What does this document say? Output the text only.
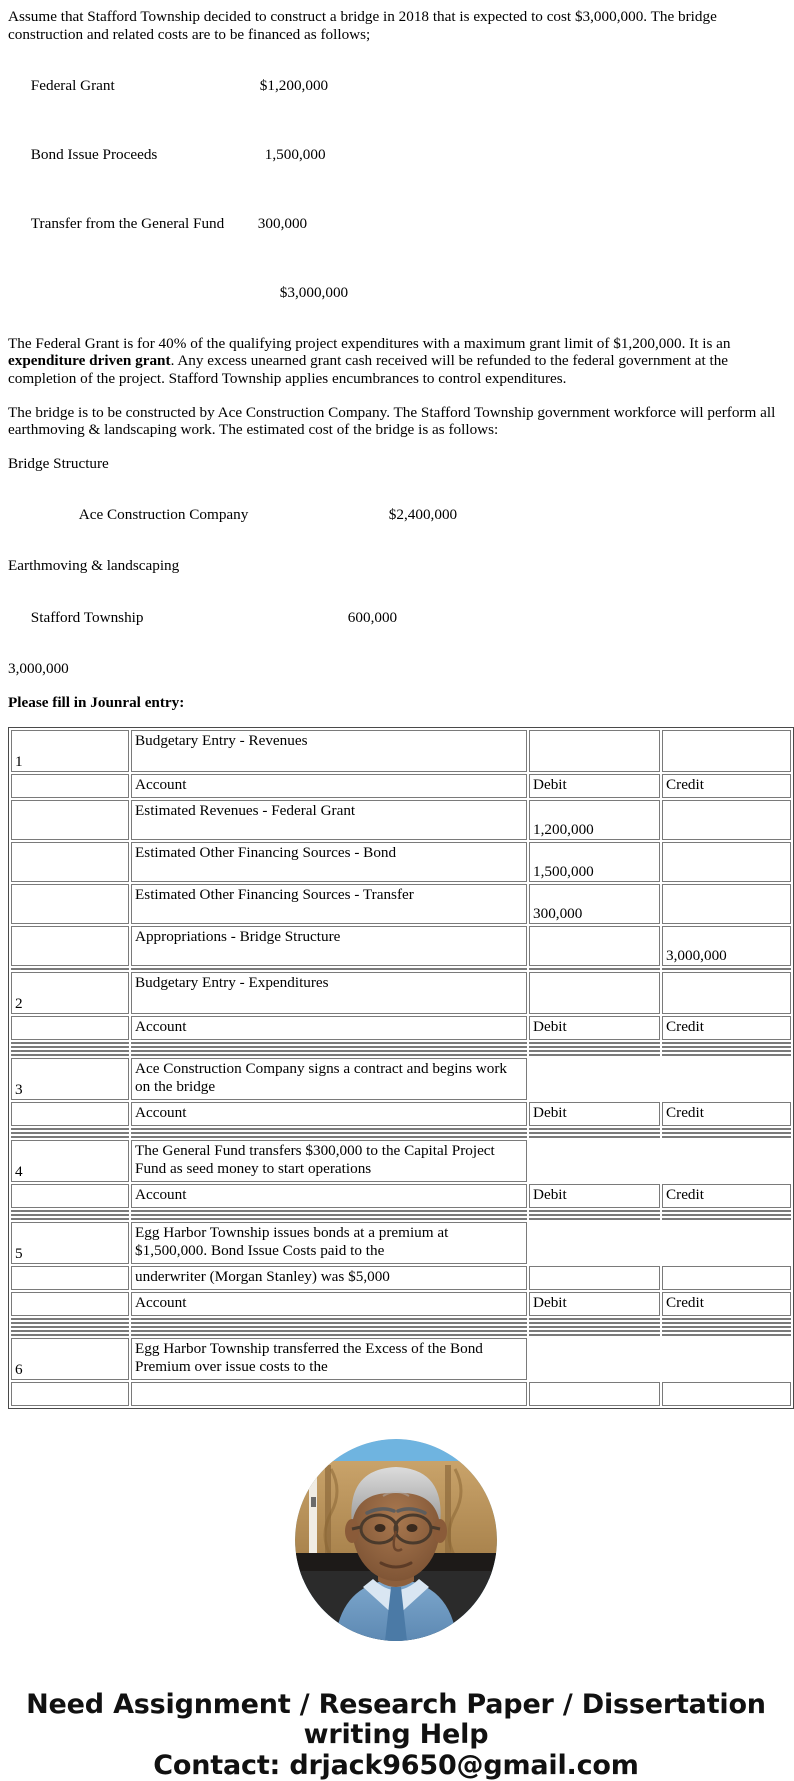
Assume that Stafford Township decided to construct a bridge in 2018 that is expected to cost $3,000,000. The bridge construction and related costs are to be financed as follows;

Federal Grant	$1,200,000

Bond Issue Proceeds	1,500,000

Transfer from the General Fund 300,000

$3,000,000

The Federal Grant is for 40% of the qualifying project expenditures with a maximum grant limit of $1,200,000. It is an expenditure driven grant. Any excess unearned grant cash received will be refunded to the federal government at the completion of the project. Stafford Township applies encumbrances to control expenditures.

The bridge is to be constructed by Ace Construction Company. The Stafford Township government workforce will perform all earthmoving & landscaping work. The estimated cost of the bridge is as follows:

Bridge Structure

Ace Construction Company	$2,400,000

Earthmoving & landscaping

Stafford Township	600,000

3,000,000

Please fill in Jounral entry:

1	Budgetary Entry - Revenues		
	Account	Debit	Credit
	Estimated Revenues - Federal Grant	1,200,000	
	Estimated Other Financing Sources - Bond	1,500,000	
	Estimated Other Financing Sources - Transfer	300,000	
	Appropriations - Bridge Structure		3,000,000

2	Budgetary Entry - Expenditures		
	Account	Debit	Credit

3	Ace Construction Company signs a contract and begins work on the bridge		
	Account	Debit	Credit

4	The General Fund transfers $300,000 to the Capital Project Fund as seed money to start operations		
	Account	Debit	Credit

5	Egg Harbor Township issues bonds at a premium at $1,500,000. Bond Issue Costs paid to the		
	underwriter (Morgan Stanley) was $5,000		
	Account	Debit	Credit

6	Egg Harbor Township transferred the Excess of the Bond Premium over issue costs to the		

Need Assignment / Research Paper / Dissertation
writing Help
Contact: drjack9650@gmail.com
